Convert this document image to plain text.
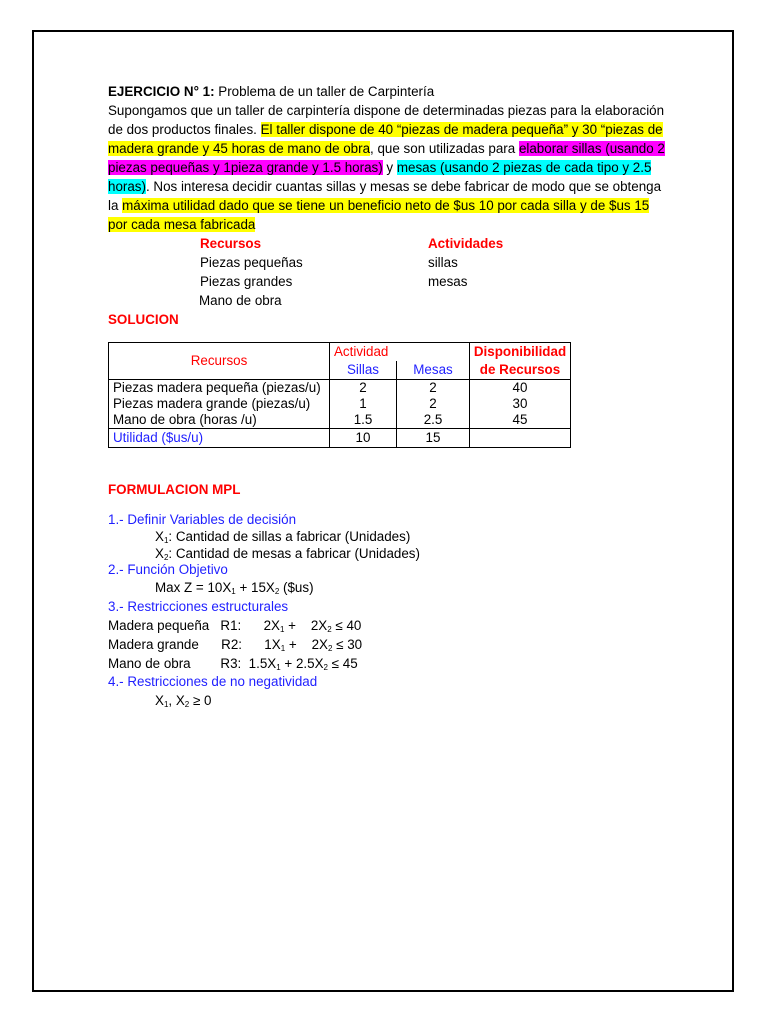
EJERCICIO N° 1: Problema de un taller de Carpintería
Supongamos que un taller de carpintería dispone de determinadas piezas para la elaboración de dos productos finales. El taller dispone de 40 “piezas de madera pequeña” y 30 “piezas de madera grande y 45 horas de mano de obra, que son utilizadas para elaborar sillas (usando 2 piezas pequeñas y 1pieza grande y 1.5 horas) y mesas (usando 2 piezas de cada tipo y 2.5 horas). Nos interesa decidir cuantas sillas y mesas se debe fabricar de modo que se obtenga la máxima utilidad dado que se tiene un beneficio neto de $us 10 por cada silla y de $us 15 por cada mesa fabricada

Recursos	Actividades
Piezas pequeñas	sillas
Piezas grandes	mesas
Mano de obra
SOLUCION
Recursos	Actividad		Disponibilidad de Recursos
	Sillas	Mesas	
Piezas madera pequeña (piezas/u)	2	2	40
Piezas madera grande (piezas/u)	1	2	30
Mano de obra (horas /u)	1.5	2.5	45
Utilidad ($us/u)	10	15	
FORMULACION MPL
1.- Definir Variables de decisión
$X_1$: Cantidad de sillas a fabricar (Unidades)
$X_2$: Cantidad de mesas a fabricar (Unidades)
2.- Función Objetivo
Max $Z = 10X_1 + 15X_2$ ($us)
3.- Restricciones estructurales
Madera pequeña   R1:      $2X_1$ +    $2X_2 \le 40$
Madera grande      R2:      $1X_1$ +    $2X_2 \le 30$
Mano de obra        R3:  $1.5X_1 + 2.5X_2 \le 45$
4.- Restricciones de no negatividad
$X_1$, $X_2 \ge 0$
